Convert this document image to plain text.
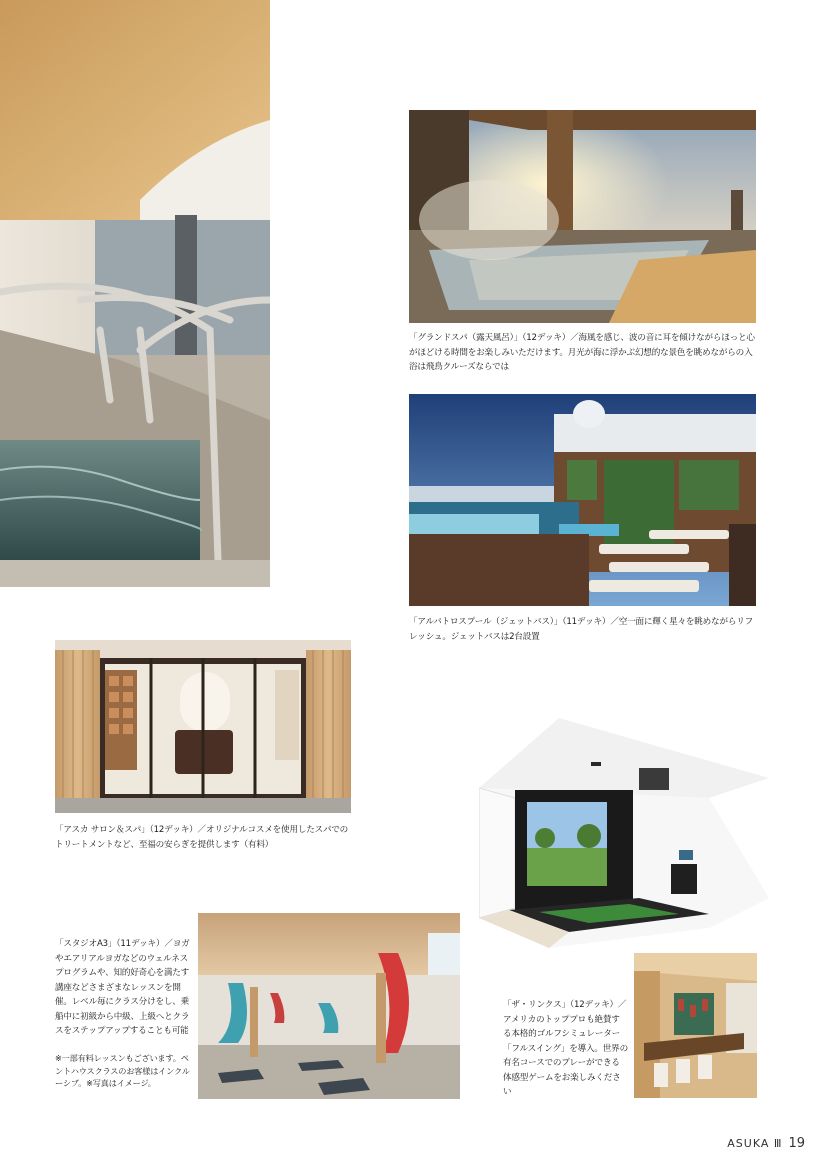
「グランドスパ（露天風呂）」（12デッキ）／海風を感じ、波の音に耳を傾けながらほっと心がほどける時間をお楽しみいただけます。月光が海に浮かぶ幻想的な景色を眺めながらの入浴は飛鳥クルーズならでは

「アルバトロスプール（ジェットバス）」（11デッキ）／空一面に輝く星々を眺めながらリフレッシュ。ジェットバスは2台設置

「アスカ サロン＆スパ」（12デッキ）／オリジナルコスメを使用したスパでのトリートメントなど、至福の安らぎを提供します（有料）

「ザ・リンクス」（12デッキ）／アメリカのトッププロも絶賛する本格的ゴルフシミュレーター「フルスイング」を導入。世界の有名コースでのプレーができる体感型ゲームをお楽しみください

「スタジオA3」（11デッキ）／ヨガやエアリアルヨガなどのウェルネスプログラムや、知的好奇心を満たす講座などさまざまなレッスンを開催。レベル毎にクラス分けをし、乗船中に初級から中級、上級へとクラスをステップアップすることも可能

※一部有料レッスンもございます。ペントハウスクラスのお客様はインクルーシブ。※写真はイメージ。

ASUKA Ⅲ 19
